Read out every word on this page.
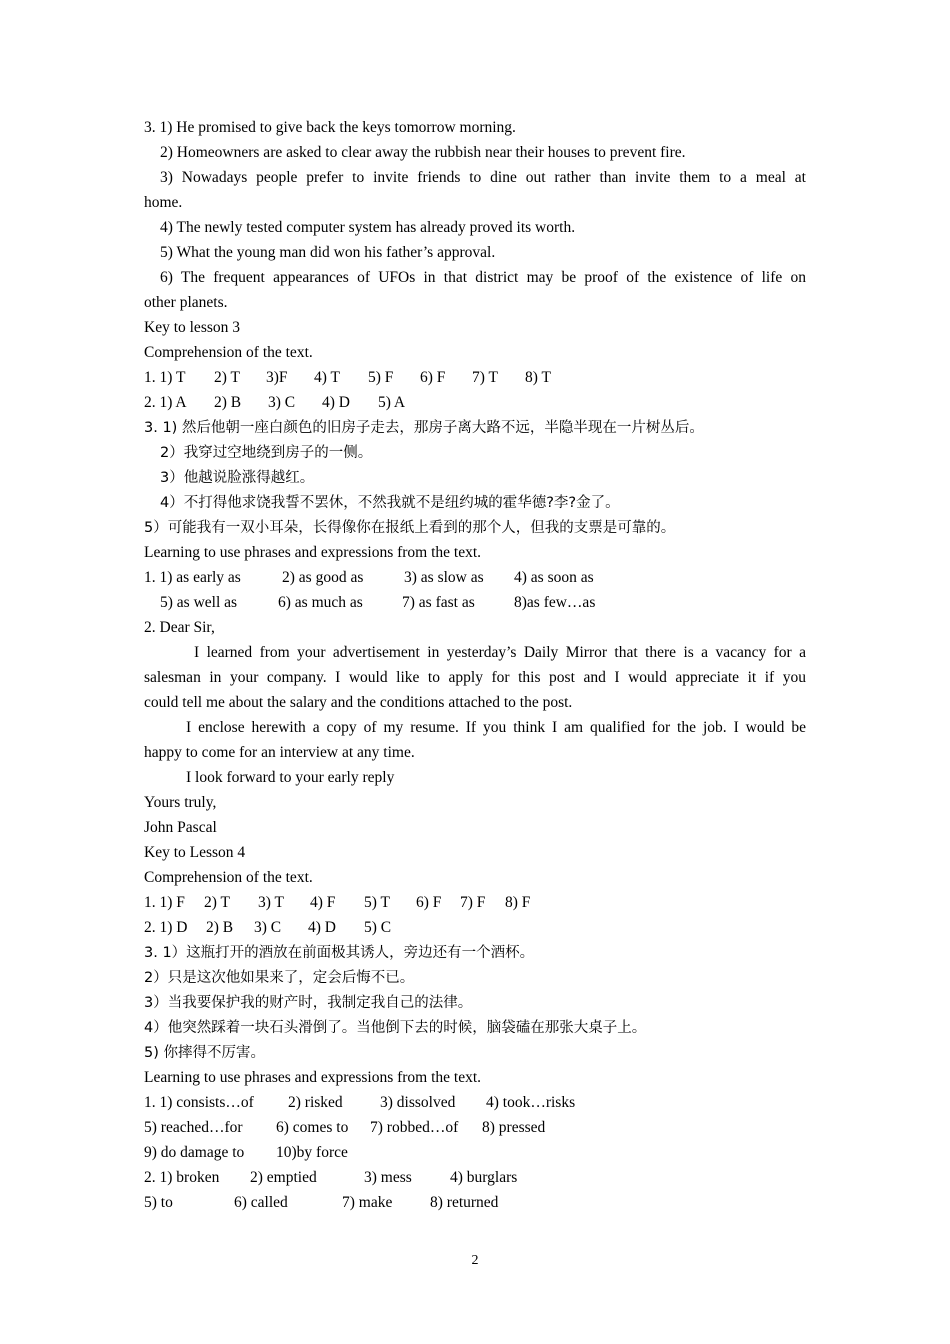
3. 1) He promised to give back the keys tomorrow morning.
2) Homeowners are asked to clear away the rubbish near their houses to prevent fire.
3) Nowadays people prefer to invite friends to dine out rather than invite them to a meal at
home.
4) The newly tested computer system has already proved its worth.
5) What the young man did won his father’s approval.
6) The frequent appearances of UFOs in that district may be proof of the existence of life on
other planets.
Key to lesson 3
Comprehension of the text.
1. 1) T 2) T 3)F 4) T 5) F 6) F 7) T 8) T
2. 1) A 2) B 3) C 4) D 5) A
3. 1) 然后他朝一座白颜色的旧房子走去，那房子离大路不远，半隐半现在一片树丛后。
2）我穿过空地绕到房子的一侧。
3）他越说脸涨得越红。
4）不打得他求饶我誓不罢休，不然我就不是纽约城的霍华德?李?金了。
5）可能我有一双小耳朵，长得像你在报纸上看到的那个人，但我的支票是可靠的。
Learning to use phrases and expressions from the text.
1. 1) as early as	2) as good as	3) as slow as 4) as soon as
5) as well as	6) as much as	7) as fast as	8)as few…as
2. Dear Sir,
I learned from your advertisement in yesterday’s Daily Mirror that there is a vacancy for a
salesman in your company. I would like to apply for this post and I would appreciate it if you
could tell me about the salary and the conditions attached to the post.
I enclose herewith a copy of my resume. If you think I am qualified for the job. I would be
happy to come for an interview at any time.
I look forward to your early reply
Yours truly,
John Pascal
Key to Lesson 4
Comprehension of the text.
1. 1) F 2) T 3) T 4) F 5) T 6) F 7) F 8) F
2. 1) D 2) B 3) C 4) D 5) C
3. 1）这瓶打开的酒放在前面极其诱人，旁边还有一个酒杯。
2）只是这次他如果来了，定会后悔不已。
3）当我要保护我的财产时，我制定我自己的法律。
4）他突然踩着一块石头滑倒了。当他倒下去的时候，脑袋磕在那张大桌子上。
5) 你摔得不厉害。
Learning to use phrases and expressions from the text.
1. 1) consists…of 2) risked 3) dissolved 4) took…risks
5) reached…for 6) comes to 7) robbed…of 8) pressed
9) do damage to 10)by force
2. 1) broken 2) emptied	3) mess 4) burglars
5) to	6) called	7) make 8) returned
2
